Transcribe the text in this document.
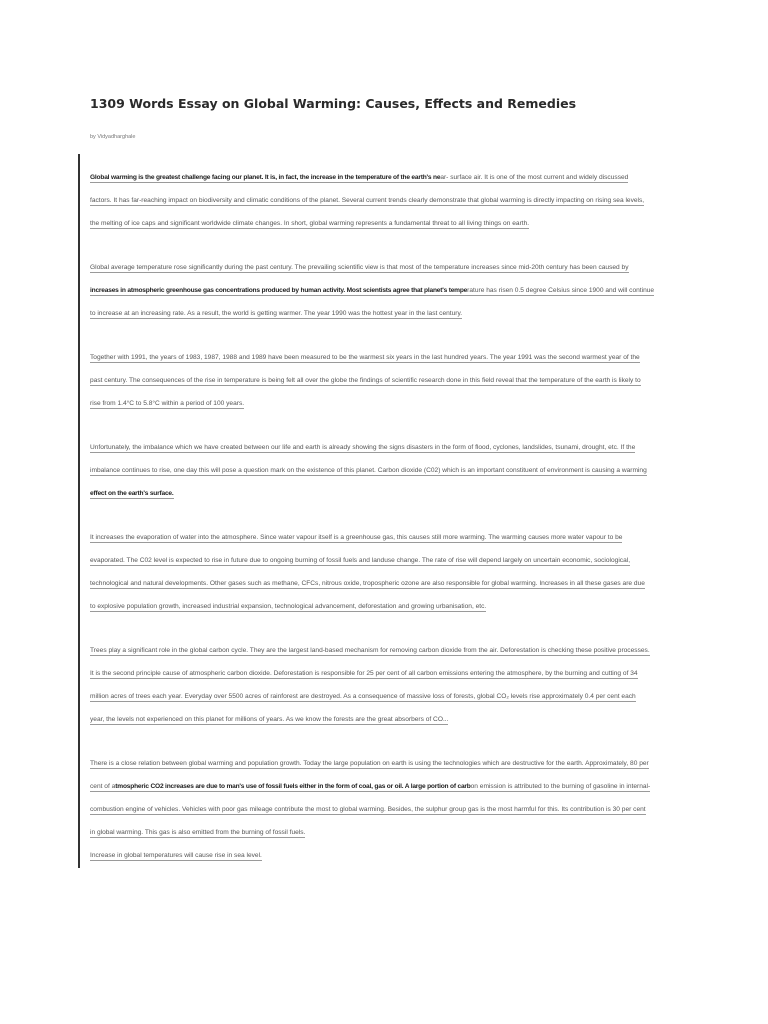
1309 Words Essay on Global Warming: Causes, Effects and Remedies
by Vidyadharghale
Global warming is the greatest challenge facing our planet. It is, in fact, the increase in the temperature of the earth's near- surface air. It is one of the most current and widely discussed
factors. It has far-reaching impact on biodiversity and climatic conditions of the planet. Several current trends clearly demonstrate that global warming is directly impacting on rising sea levels,
the melting of ice caps and significant worldwide climate changes. In short, global warming represents a fundamental threat to all living things on earth.
Global average temperature rose significantly during the past century. The prevailing scientific view is that most of the temperature increases since mid-20th century has been caused by
increases in atmospheric greenhouse gas concentrations produced by human activity. Most scientists agree that planet's temperature has risen 0.5 degree Celsius since 1900 and will continue
to increase at an increasing rate. As a result, the world is getting warmer. The year 1990 was the hottest year in the last century.
Together with 1991, the years of 1983, 1987, 1988 and 1989 have been measured to be the warmest six years in the last hundred years. The year 1991 was the second warmest year of the
past century. The consequences of the rise in temperature is being felt all over the globe the findings of scientific research done in this field reveal that the temperature of the earth is likely to
rise from 1.4°C to 5.8°C within a period of 100 years.
Unfortunately, the imbalance which we have created between our life and earth is already showing the signs disasters in the form of flood, cyclones, landslides, tsunami, drought, etc. If the
imbalance continues to rise, one day this will pose a question mark on the existence of this planet. Carbon dioxide (C02) which is an important constituent of environment is causing a warming
effect on the earth's surface.
It increases the evaporation of water into the atmosphere. Since water vapour itself is a greenhouse gas, this causes still more warming. The warming causes more water vapour to be
evaporated. The C02 level is expected to rise in future due to ongoing burning of fossil fuels and landuse change. The rate of rise will depend largely on uncertain economic, sociological,
technological and natural developments. Other gases such as methane, CFCs, nitrous oxide, tropospheric ozone are also responsible for global warming. Increases in all these gases are due
to explosive population growth, increased industrial expansion, technological advancement, deforestation and growing urbanisation, etc.
Trees play a significant role in the global carbon cycle. They are the largest land-based mechanism for removing carbon dioxide from the air. Deforestation is checking these positive processes.
It is the second principle cause of atmospheric carbon dioxide. Deforestation is responsible for 25 per cent of all carbon emissions entering the atmosphere, by the burning and cutting of 34
million acres of trees each year. Everyday over 5500 acres of rainforest are destroyed. As a consequence of massive loss of forests, global CO₂ levels rise approximately 0.4 per cent each
year, the levels not experienced on this planet for millions of years. As we know the forests are the great absorbers of CO...
There is a close relation between global warming and population growth. Today the large population on earth is using the technologies which are destructive for the earth. Approximately, 80 per
cent of atmospheric CO2 increases are due to man's use of fossil fuels either in the form of coal, gas or oil. A large portion of carbon emission is attributed to the burning of gasoline in internal-
combustion engine of vehicles. Vehicles with poor gas mileage contribute the most to global warming. Besides, the sulphur group gas is the most harmful for this. Its contribution is 30 per cent
in global warming. This gas is also emitted from the burning of fossil fuels.
Increase in global temperatures will cause rise in sea level.
